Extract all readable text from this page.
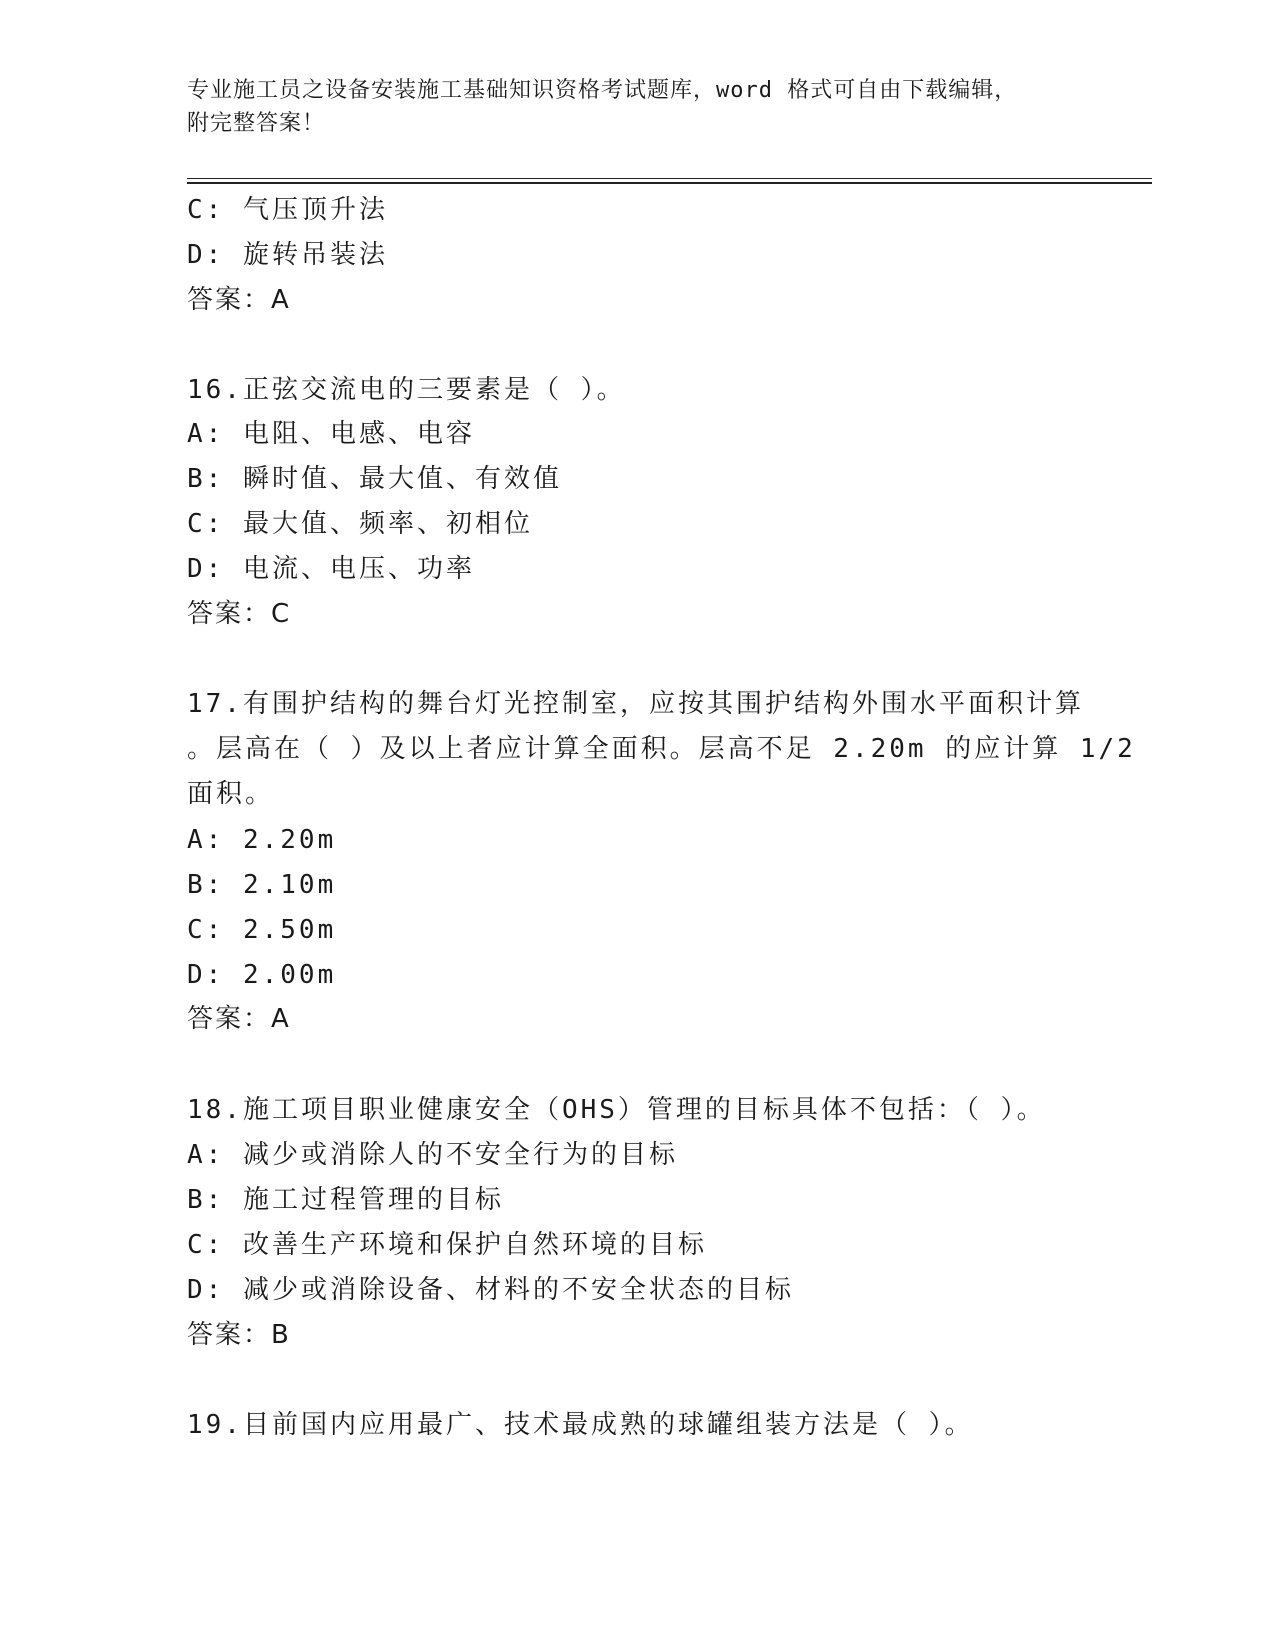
专业施工员之设备安装施工基础知识资格考试题库，word 格式可自由下载编辑，
附完整答案！
C: 气压顶升法
D: 旋转吊装法
答案：A
16.正弦交流电的三要素是（ ）。
A: 电阻、电感、电容
B: 瞬时值、最大值、有效值
C: 最大值、频率、初相位
D: 电流、电压、功率
答案：C
17.有围护结构的舞台灯光控制室，应按其围护结构外围水平面积计算
。层高在（ ）及以上者应计算全面积。层高不足 2.20m 的应计算 1/2
面积。
A: 2.20m
B: 2.10m
C: 2.50m
D: 2.00m
答案：A
18.施工项目职业健康安全（OHS）管理的目标具体不包括：（ ）。
A: 减少或消除人的不安全行为的目标
B: 施工过程管理的目标
C: 改善生产环境和保护自然环境的目标
D: 减少或消除设备、材料的不安全状态的目标
答案：B
19.目前国内应用最广、技术最成熟的球罐组装方法是（ ）。
